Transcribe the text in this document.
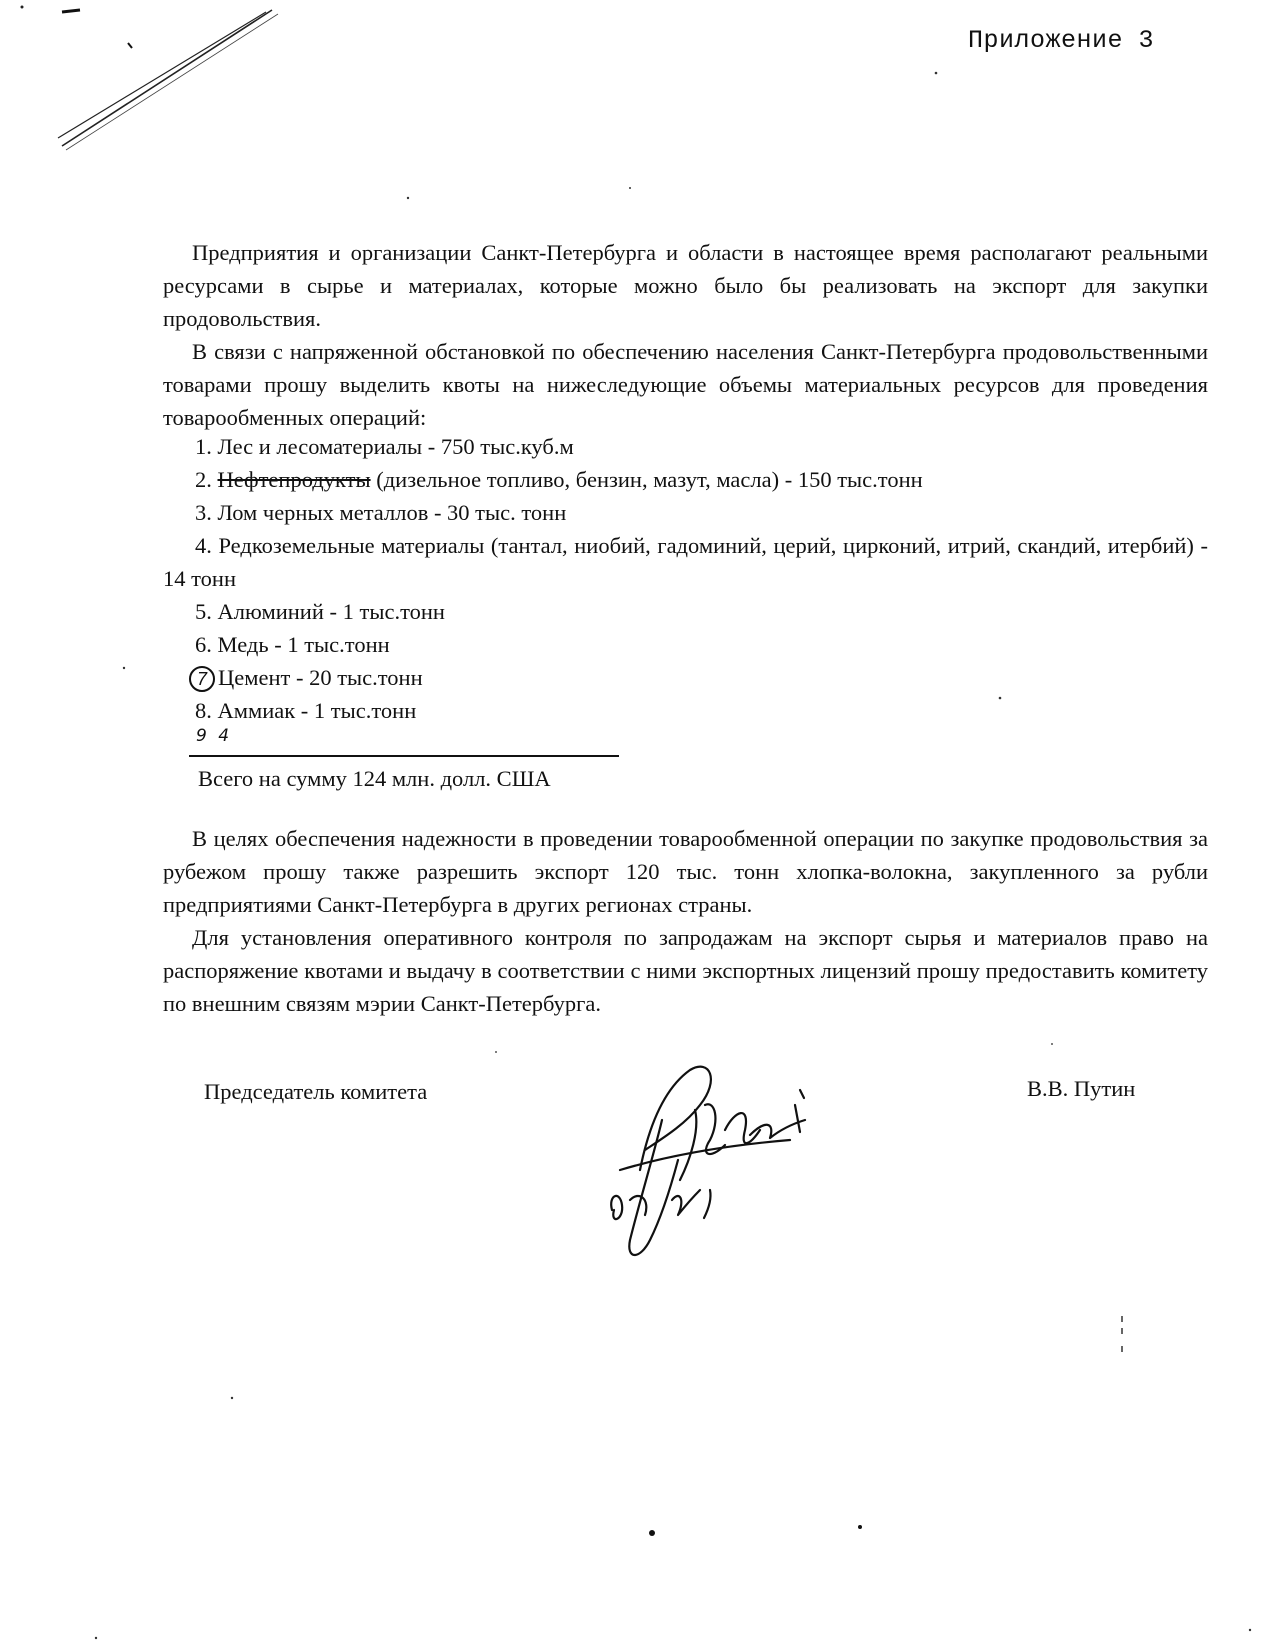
Приложение 3

Предприятия и организации Санкт-Петербурга и области в настоящее время располагают реальными ресурсами в сырье и материалах, которые можно было бы реализовать на экспорт для закупки продовольствия.

В связи с напряженной обстановкой по обеспечению населения Санкт-Петербурга продовольственными товарами прошу выделить квоты на нижеследующие объемы материальных ресурсов для проведения товарообменных операций:

1. Лес и лесоматериалы - 750 тыс.куб.м

2. Нефтепродукты (дизельное топливо, бензин, мазут, масла) - 150 тыс.тонн

3. Лом черных металлов - 30 тыс. тонн

4. Редкоземельные материалы (тантал, ниобий, гадоминий, церий, цирконий, итрий, скандий, итербий) - 14 тонн

5. Алюминий - 1 тыс.тонн

6. Медь - 1 тыс.тонн

7 Цемент - 20 тыс.тонн

8. Аммиак - 1 тыс.тонн

9 4
Всего на сумму 124 млн. долл. США

В целях обеспечения надежности в проведении товарообменной операции по закупке продовольствия за рубежом прошу также разрешить экспорт 120 тыс. тонн хлопка-волокна, закупленного за рубли предприятиями Санкт-Петербурга в других регионах страны.

Для установления оперативного контроля по запродажам на экспорт сырья и материалов право на распоряжение квотами и выдачу в соответствии с ними экспортных лицензий прошу предоставить комитету по внешним связям мэрии Санкт-Петербурга.

Председатель комитета	В.В. Путин
